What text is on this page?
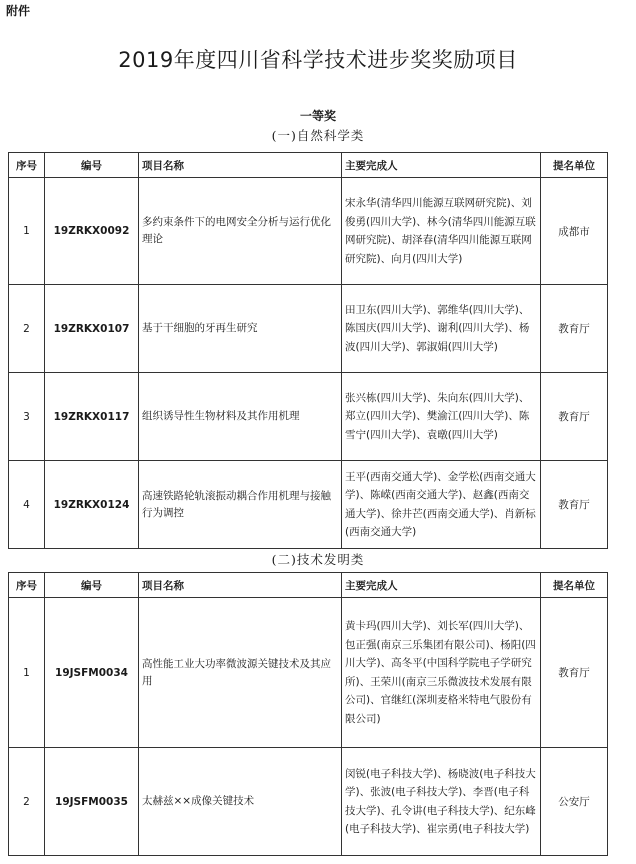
附件
2019年度四川省科学技术进步奖奖励项目
一等奖
(一)自然科学类
序号	编号	项目名称	主要完成人	提名单位
1	19ZRKX0092	多约束条件下的电网安全分析与运行优化理论	宋永华(清华四川能源互联网研究院)、刘俊勇(四川大学)、林今(清华四川能源互联网研究院)、胡泽春(清华四川能源互联网研究院)、向月(四川大学)	成都市
2	19ZRKX0107	基于干细胞的牙再生研究	田卫东(四川大学)、郭维华(四川大学)、陈国庆(四川大学)、谢利(四川大学)、杨波(四川大学)、郭淑娟(四川大学)	教育厅
3	19ZRKX0117	组织诱导性生物材料及其作用机理	张兴栋(四川大学)、朱向东(四川大学)、郑立(四川大学)、樊渝江(四川大学)、陈雪宁(四川大学)、袁暾(四川大学)	教育厅
4	19ZRKX0124	高速铁路轮轨滚振动耦合作用机理与接触行为调控	王平(西南交通大学)、金学松(西南交通大学)、陈嵘(西南交通大学)、赵鑫(西南交通大学)、徐井芒(西南交通大学)、肖新标(西南交通大学)	教育厅
(二)技术发明类
序号	编号	项目名称	主要完成人	提名单位
1	19JSFM0034	高性能工业大功率微波源关键技术及其应用	黄卡玛(四川大学)、刘长军(四川大学)、包正强(南京三乐集团有限公司)、杨阳(四川大学)、高冬平(中国科学院电子学研究所)、王荣川(南京三乐微波技术发展有限公司)、官继红(深圳麦格米特电气股份有限公司)	教育厅
2	19JSFM0035	太赫兹××成像关键技术	闵锐(电子科技大学)、杨晓波(电子科技大学)、张波(电子科技大学)、李晋(电子科技大学)、孔令讲(电子科技大学)、纪东峰(电子科技大学)、崔宗勇(电子科技大学)	公安厅
